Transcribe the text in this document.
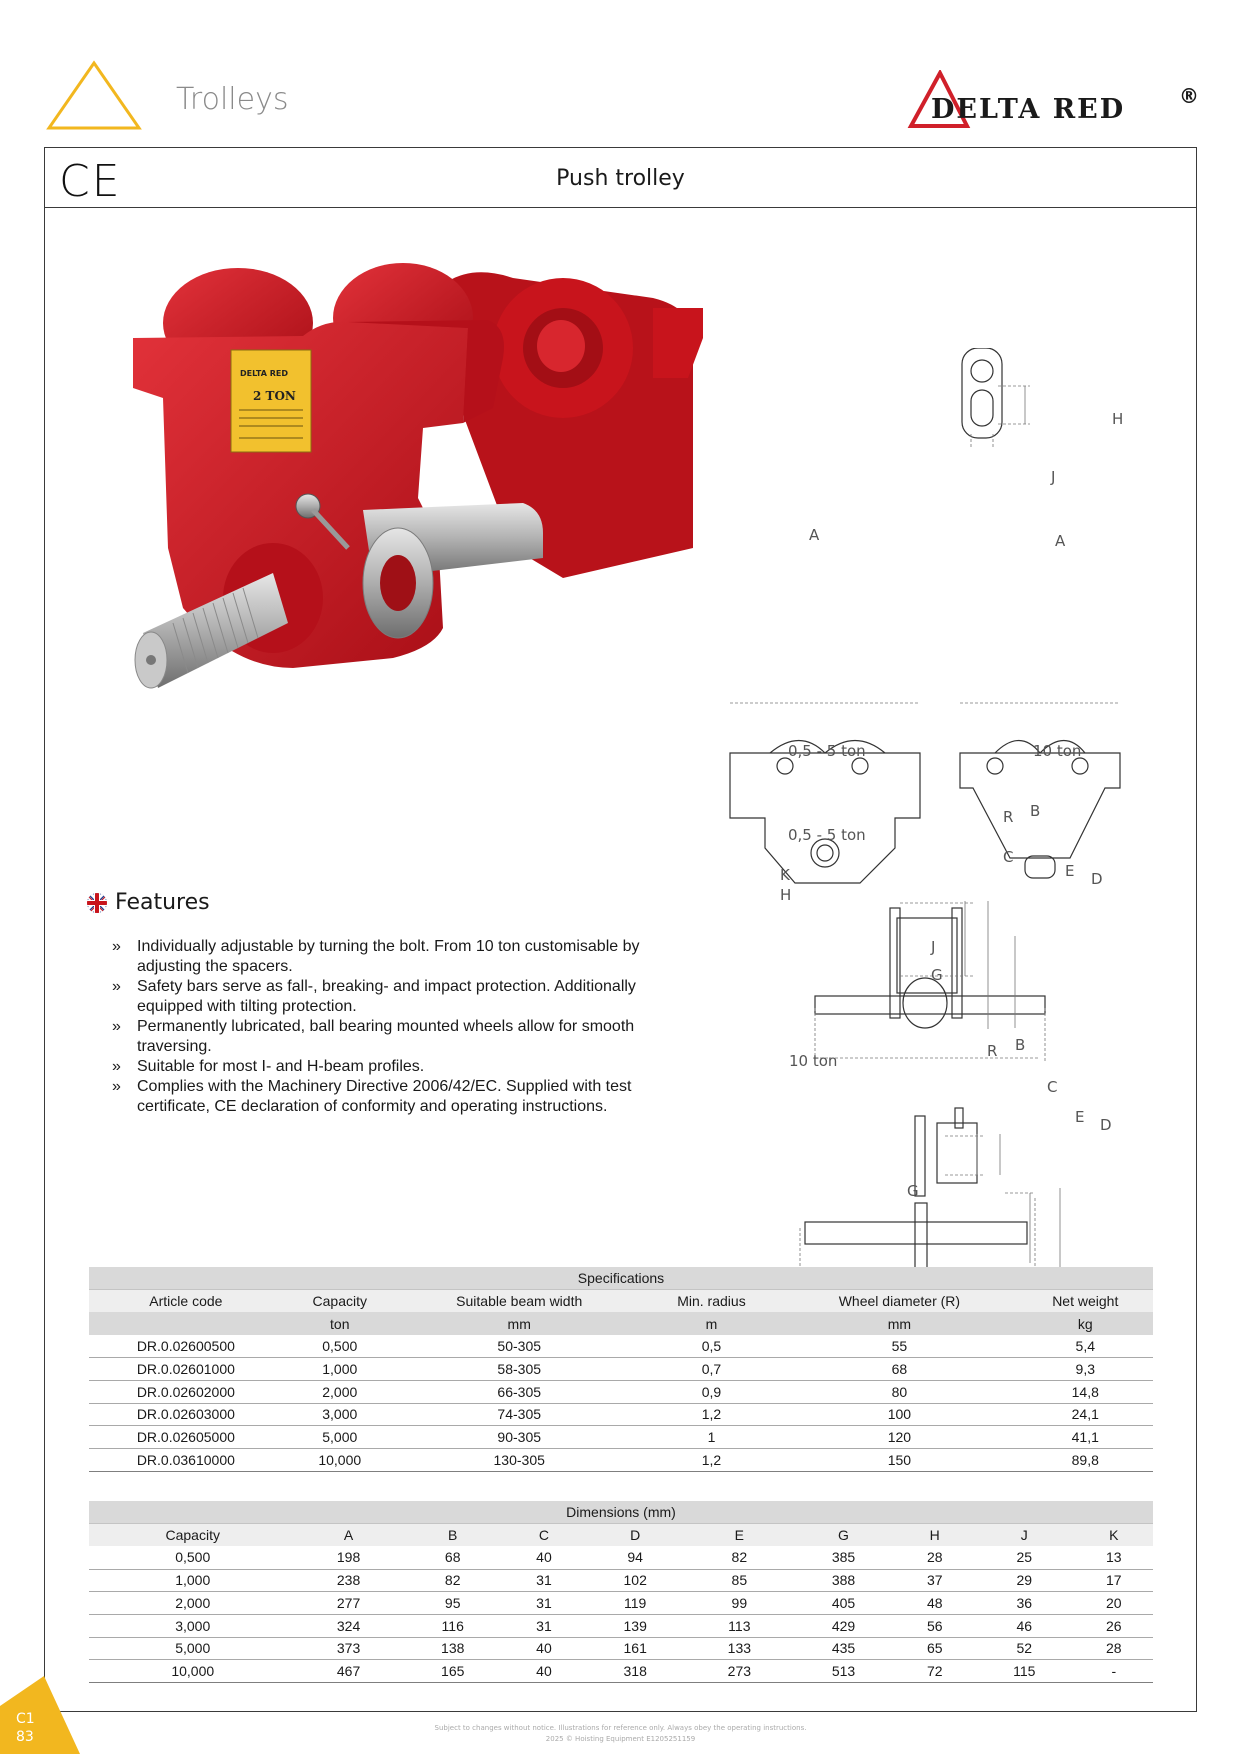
Trolleys	DELTA RED	®
CE	Push trolley
DELTA RED
2 TON
H
J
A	A
0,5 - 5 ton	10 ton
0,5 - 5 ton
R B
C
E D
K
H
J
G
10 ton
R B
C
E D
G
Features
» Individually adjustable by turning the bolt. From 10 ton customisable by adjusting the spacers.
» Safety bars serve as fall-, breaking- and impact protection. Additionally equipped with tilting protection.
» Permanently lubricated, ball bearing mounted wheels allow for smooth traversing.
» Suitable for most I- and H-beam profiles.
» Complies with the Machinery Directive 2006/42/EC. Supplied with test certificate, CE declaration of conformity and operating instructions.
Specifications					
Article code	Capacity	Suitable beam width	Min. radius	Wheel diameter (R)	Net weight
	ton	mm	m	mm	kg
DR.0.02600500	0,500	50-305	0,5	55	5,4
DR.0.02601000	1,000	58-305	0,7	68	9,3
DR.0.02602000	2,000	66-305	0,9	80	14,8
DR.0.02603000	3,000	74-305	1,2	100	24,1
DR.0.02605000	5,000	90-305	1	120	41,1
DR.0.03610000	10,000	130-305	1,2	150	89,8
Dimensions (mm)									
Capacity	A	B	C	D	E	G	H	J	K
0,500	198	68	40	94	82	385	28	25	13
1,000	238	82	31	102	85	388	37	29	17
2,000	277	95	31	119	99	405	48	36	20
3,000	324	116	31	139	113	429	56	46	26
5,000	373	138	40	161	133	435	65	52	28
10,000	467	165	40	318	273	513	72	115	-
C1
83
Subject to changes without notice. Illustrations for reference only. Always obey the operating instructions.
2025 © Hoisting Equipment E1205251159
